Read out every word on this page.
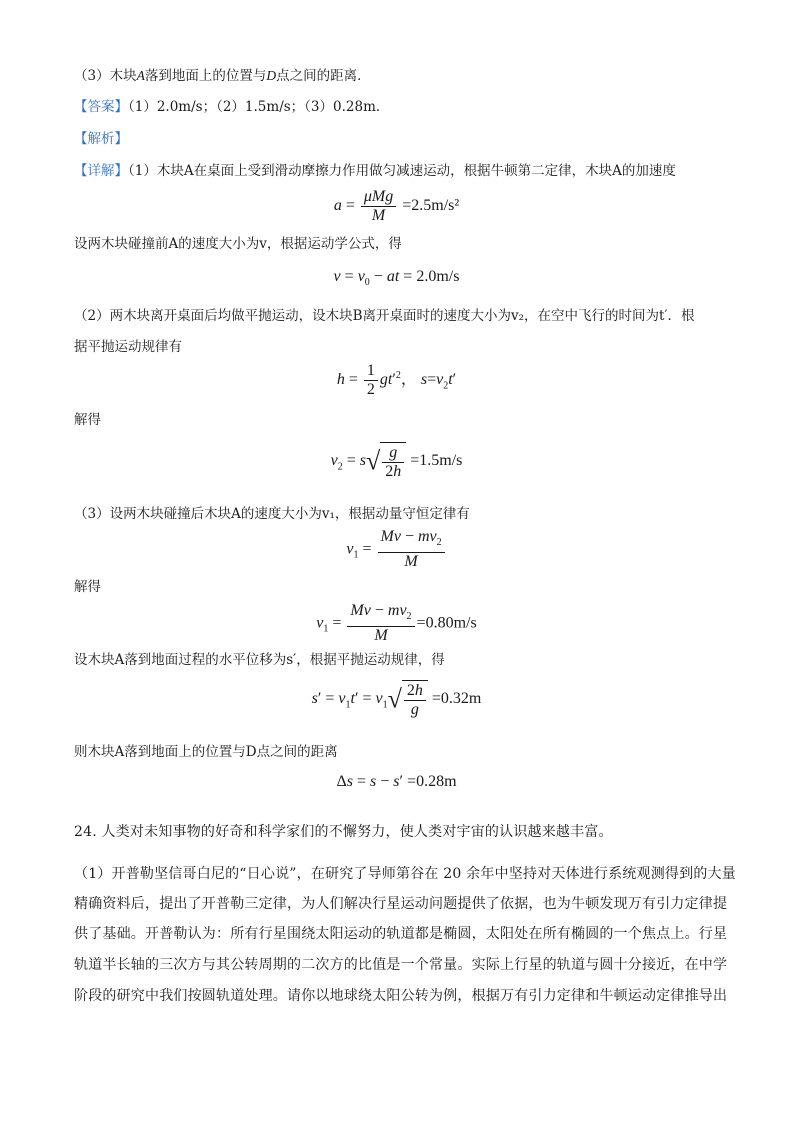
（3）木块A落到地面上的位置与D点之间的距离．
【答案】（1）2.0m/s；（2）1.5m/s；（3）0.28m．
【解析】
【详解】（1）木块A在桌面上受到滑动摩擦力作用做匀减速运动，根据牛顿第二定律，木块A的加速度
$a = \frac{\text{μMg}}{M} =2.5m/s^2$
设两木块碰撞前A的速度大小为v，根据运动学公式，得
$v = v_0$ − at = 2.0m/s
（2）两木块离开桌面后均做平抛运动，设木块B离开桌面时的速度大小为v₂，在空中飞行的时间为t′．根
据平抛运动规律有
$h = \frac{1}{2} gt'^2$， $s=v_2t'$
解得
$v_2 = s√ \frac{g}{2h} =1.5m/s$
（3）设两木块碰撞后木块A的速度大小为v₁，根据动量守恒定律有
$v_1 = \frac{Mv - mv_2}{M}$
解得
$v_1 = \frac{Mv - mv_2}{M} =0.80m/s$
设木块A落到地面过程的水平位移为s′，根据平抛运动规律，得
$s' = v_1t' = v_1√ \frac{2h}{g} =0.32m$
则木块A落到地面上的位置与D点之间的距离
Δs = s − s′ =0.28m
24. 人类对未知事物的好奇和科学家们的不懈努力，使人类对宇宙的认识越来越丰富。
（1）开普勒坚信哥白尼的“日心说”，在研究了导师第谷在 20 余年中坚持对天体进行系统观测得到的大量
精确资料后，提出了开普勒三定律，为人们解决行星运动问题提供了依据，也为牛顿发现万有引力定律提
供了基础。开普勒认为：所有行星围绕太阳运动的轨道都是椭圆，太阳处在所有椭圆的一个焦点上。行星
轨道半长轴的三次方与其公转周期的二次方的比值是一个常量。实际上行星的轨道与圆十分接近，在中学
阶段的研究中我们按圆轨道处理。请你以地球绕太阳公转为例，根据万有引力定律和牛顿运动定律推导出
